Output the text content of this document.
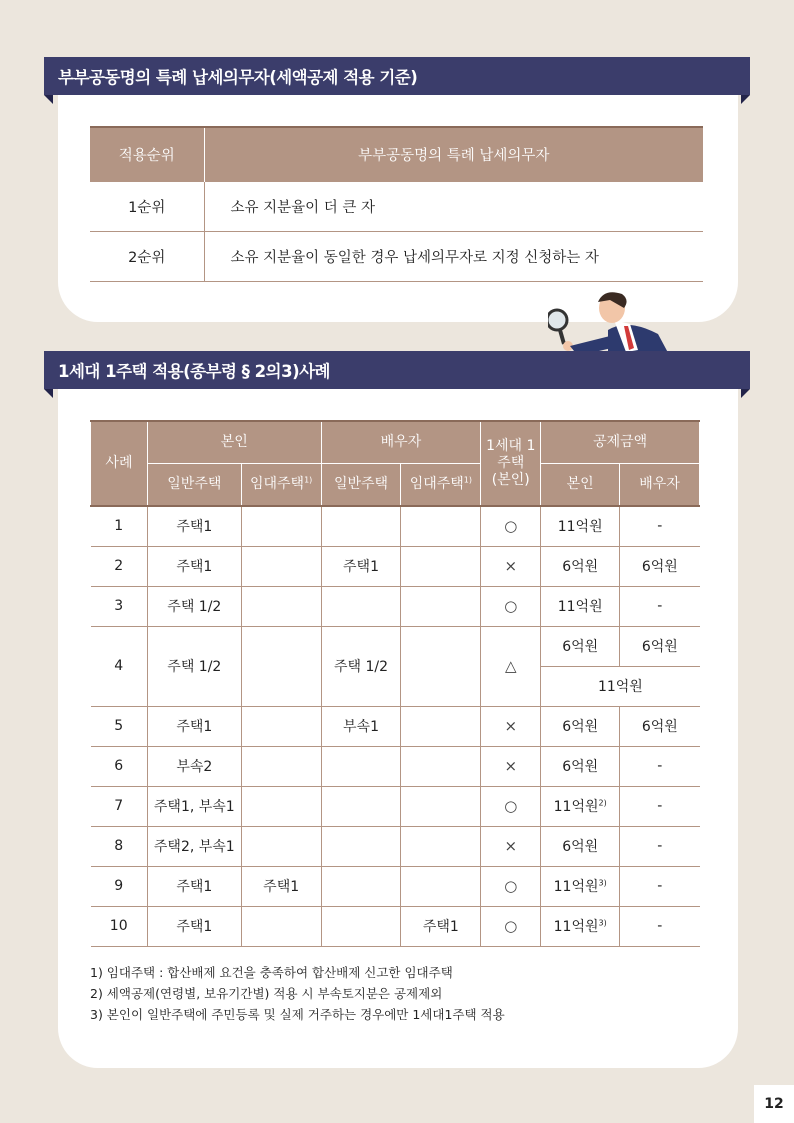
부부공동명의 특례 납세의무자(세액공제 적용 기준)
적용순위	부부공동명의 특례 납세의무자
1순위	소유 지분율이 더 큰 자
2순위	소유 지분율이 동일한 경우 납세의무자로 지정 신청하는 자
1세대 1주택 적용(종부령 § 2의3)사례
사례	본인		배우자		1세대 1주택 (본인)	공제금액	
	일반주택	임대주택$^{1)}$	일반주택	임대주택$^{1)}$		본인	배우자
1	주택1				○	11억원	-
2	주택1		주택1		×	6억원	6억원
3	주택 1/2				○	11억원	-
4	주택 1/2		주택 1/2		△	6억원	6억원
						11억원	
5	주택1		부속1		×	6억원	6억원
6	부속2				×	6억원	-
7	주택1, 부속1				○	11억원$^{2)}$	-
8	주택2, 부속1				×	6억원	-
9	주택1	주택1			○	11억원$^{3)}$	-
10	주택1			주택1	○	11억원$^{3)}$	-
1) 임대주택 : 합산배제 요건을 충족하여 합산배제 신고한 임대주택
2) 세액공제(연령별, 보유기간별) 적용 시 부속토지분은 공제제외
3) 본인이 일반주택에 주민등록 및 실제 거주하는 경우에만 1세대1주택 적용
12
